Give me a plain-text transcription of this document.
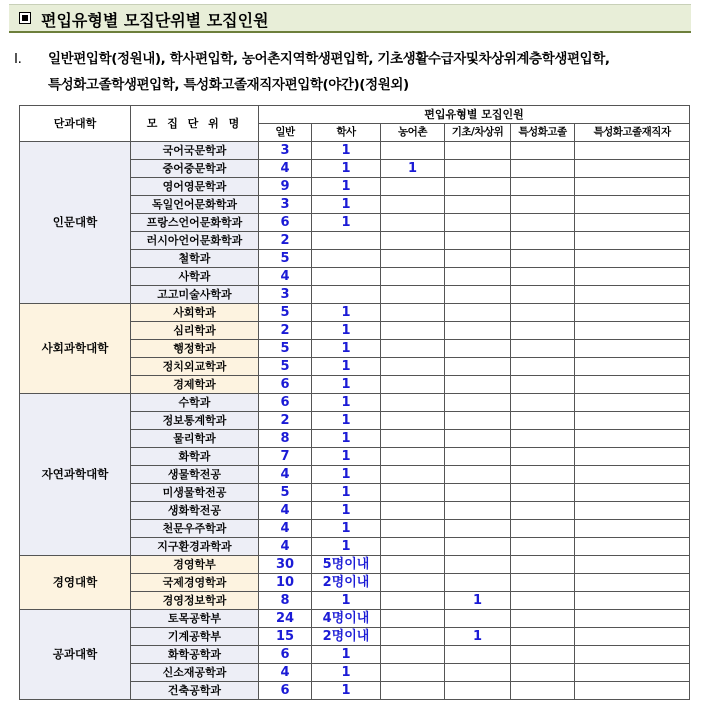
편입유형별 모집단위별 모집인원
Ⅰ. 일반편입학(정원내), 학사편입학, 농어촌지역학생편입학, 기초생활수급자및차상위계층학생편입학,
특성화고졸학생편입학, 특성화고졸재직자편입학(야간)(정원외)
단과대학	모 집 단 위 명	편입유형별 모집인원					
		일반	학사	농어촌	기초/차상위	특성화고졸	특성화고졸재직자
인문대학	국어국문학과	3	1				
	중어중문학과	4	1	1			
	영어영문학과	9	1				
	독일언어문화학과	3	1				
	프랑스언어문화학과	6	1				
	러시아언어문화학과	2					
	철학과	5					
	사학과	4					
	고고미술사학과	3					
사회과학대학	사회학과	5	1				
	심리학과	2	1				
	행정학과	5	1				
	정치외교학과	5	1				
	경제학과	6	1				
자연과학대학	수학과	6	1				
	정보통계학과	2	1				
	물리학과	8	1				
	화학과	7	1				
	생물학전공	4	1				
	미생물학전공	5	1				
	생화학전공	4	1				
	천문우주학과	4	1				
	지구환경과학과	4	1				
경영대학	경영학부	30	5명이내				
	국제경영학과	10	2명이내				
	경영정보학과	8	1		1		
공과대학	토목공학부	24	4명이내				
	기계공학부	15	2명이내		1		
	화학공학과	6	1				
	신소재공학과	4	1				
	건축공학과	6	1				
